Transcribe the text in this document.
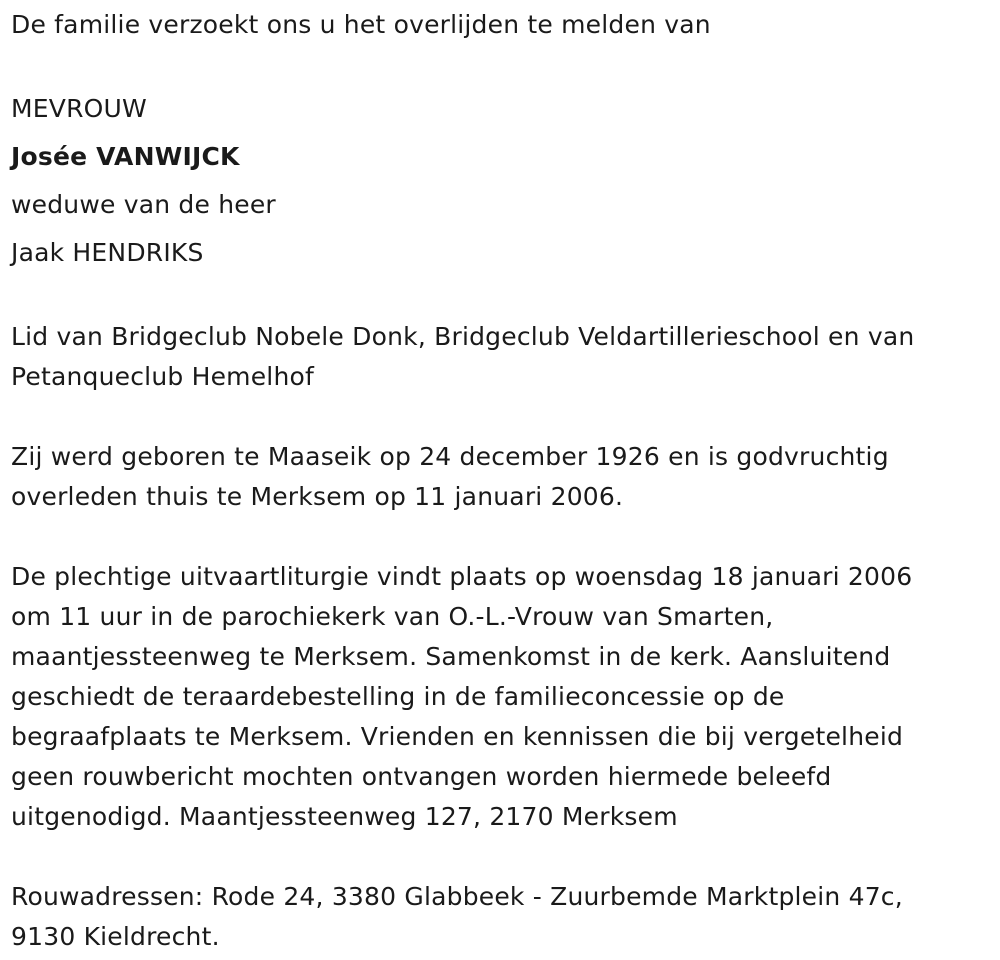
De familie verzoekt ons u het overlijden te melden van
MEVROUW
Josée VANWIJCK
weduwe van de heer
Jaak HENDRIKS
Lid van Bridgeclub Nobele Donk, Bridgeclub Veldartillerieschool en van
Petanqueclub Hemelhof
Zij werd geboren te Maaseik op 24 december 1926 en is godvruchtig
overleden thuis te Merksem op 11 januari 2006.
De plechtige uitvaartliturgie vindt plaats op woensdag 18 januari 2006
om 11 uur in de parochiekerk van O.-L.-Vrouw van Smarten,
maantjessteenweg te Merksem. Samenkomst in de kerk. Aansluitend
geschiedt de teraardebestelling in de familieconcessie op de
begraafplaats te Merksem. Vrienden en kennissen die bij vergetelheid
geen rouwbericht mochten ontvangen worden hiermede beleefd
uitgenodigd. Maantjessteenweg 127, 2170 Merksem
Rouwadressen: Rode 24, 3380 Glabbeek - Zuurbemde Marktplein 47c,
9130 Kieldrecht.
